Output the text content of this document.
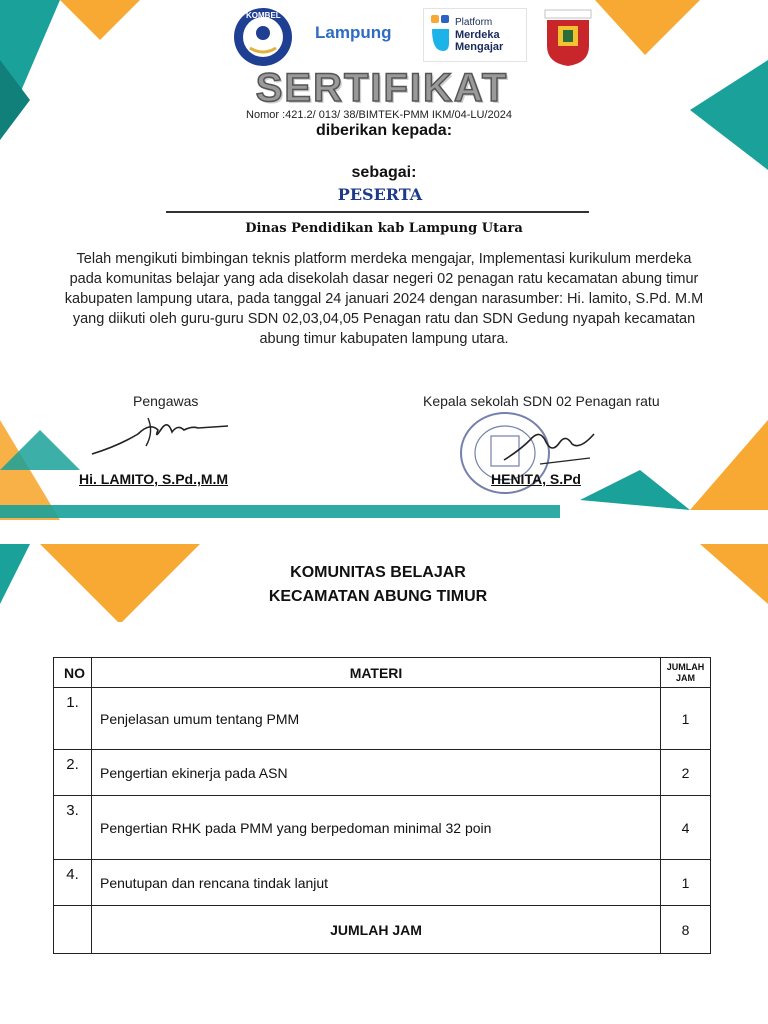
KOMBEL
Lampung
Platform
Merdeka
Mengajar
SERTIFIKAT
Nomor :421.2/ 013/ 38/BIMTEK-PMM IKM/04-LU/2024
diberikan kepada:
sebagai:
PESERTA
Dinas Pendidikan kab Lampung Utara
Telah mengikuti bimbingan teknis platform merdeka mengajar, Implementasi kurikulum merdeka
pada komunitas belajar yang ada disekolah dasar negeri 02 penagan ratu kecamatan abung timur
kabupaten lampung utara, pada tanggal 24 januari 2024 dengan narasumber: Hi. lamito, S.Pd. M.M
yang diikuti oleh guru-guru SDN 02,03,04,05 Penagan ratu dan SDN Gedung nyapah kecamatan
abung timur kabupaten lampung utara.
Pengawas
Hi. LAMITO, S.Pd.,M.M
Kepala sekolah SDN 02 Penagan ratu
HENITA, S.Pd
KOMUNITAS BELAJAR
KECAMATAN ABUNG TIMUR
NO	MATERI	JUMLAH
JAM

1.	Penjelasan umum tentang PMM	1
2.	Pengertian ekinerja pada ASN	2
3.	Pengertian RHK pada PMM yang berpedoman minimal 32 poin	4
4.	Penutupan dan rencana tindak lanjut	1
	JUMLAH JAM	8
